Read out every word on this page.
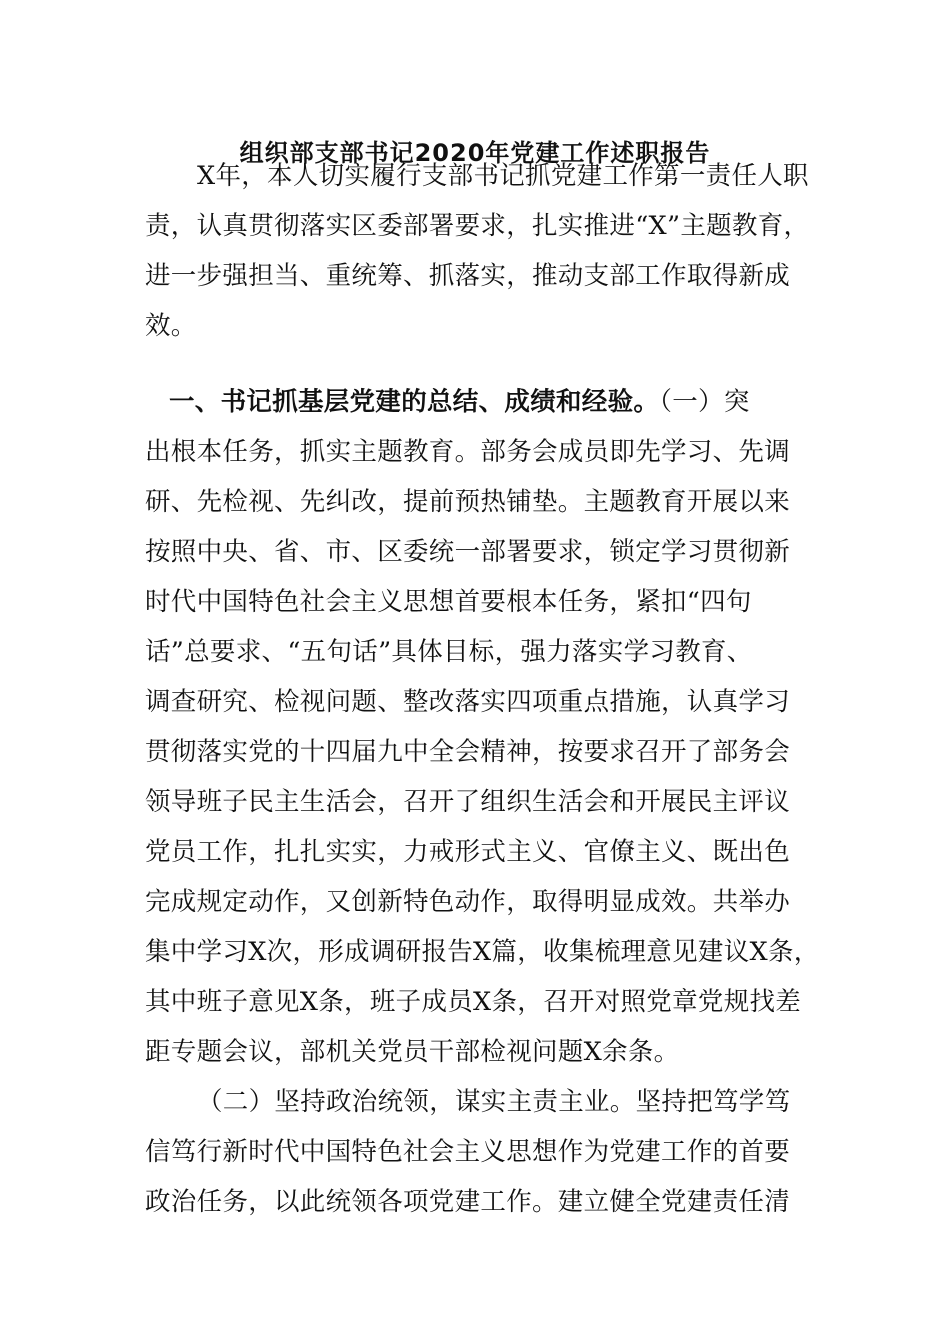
组织部支部书记2020年党建工作述职报告
X年，本人切实履行支部书记抓党建工作第一责任人职
责，认真贯彻落实区委部署要求，扎实推进“X”主题教育，
进一步强担当、重统筹、抓落实，推动支部工作取得新成
效。
一、书记抓基层党建的总结、成绩和经验。（一）突
出根本任务，抓实主题教育。部务会成员即先学习、先调
研、先检视、先纠改，提前预热铺垫。主题教育开展以来
按照中央、省、市、区委统一部署要求，锁定学习贯彻新
时代中国特色社会主义思想首要根本任务，紧扣“四句
话”总要求、“五句话”具体目标，强力落实学习教育、
调查研究、检视问题、整改落实四项重点措施，认真学习
贯彻落实党的十四届九中全会精神，按要求召开了部务会
领导班子民主生活会，召开了组织生活会和开展民主评议
党员工作，扎扎实实，力戒形式主义、官僚主义、既出色
完成规定动作，又创新特色动作，取得明显成效。共举办
集中学习X次，形成调研报告X篇，收集梳理意见建议X条，
其中班子意见X条，班子成员X条，召开对照党章党规找差
距专题会议，部机关党员干部检视问题X余条。
（二）坚持政治统领，谋实主责主业。坚持把笃学笃
信笃行新时代中国特色社会主义思想作为党建工作的首要
政治任务，以此统领各项党建工作。建立健全党建责任清
